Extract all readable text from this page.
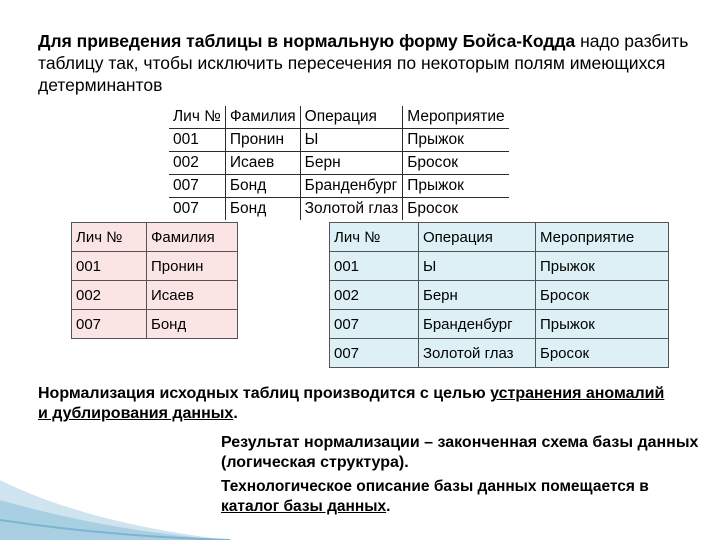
Для приведения таблицы в нормальную форму Бойса-Кодда надо разбить таблицу так, чтобы исключить пересечения по некоторым полям имеющихся детерминантов
Лич №	Фамилия	Операция	Мероприятие
001	Пронин	Ы	Прыжок
002	Исаев	Берн	Бросок
007	Бонд	Бранденбург	Прыжок
007	Бонд	Золотой глаз	Бросок
Лич №	Фамилия
001	Пронин
002	Исаев
007	Бонд
Лич №	Операция	Мероприятие
001	Ы	Прыжок
002	Берн	Бросок
007	Бранденбург	Прыжок
007	Золотой глаз	Бросок
Нормализация исходных таблиц производится с целью устранения аномалий и дублирования данных.
Результат нормализации – законченная схема базы данных (логическая структура).
Технологическое описание базы данных помещается в каталог базы данных.
